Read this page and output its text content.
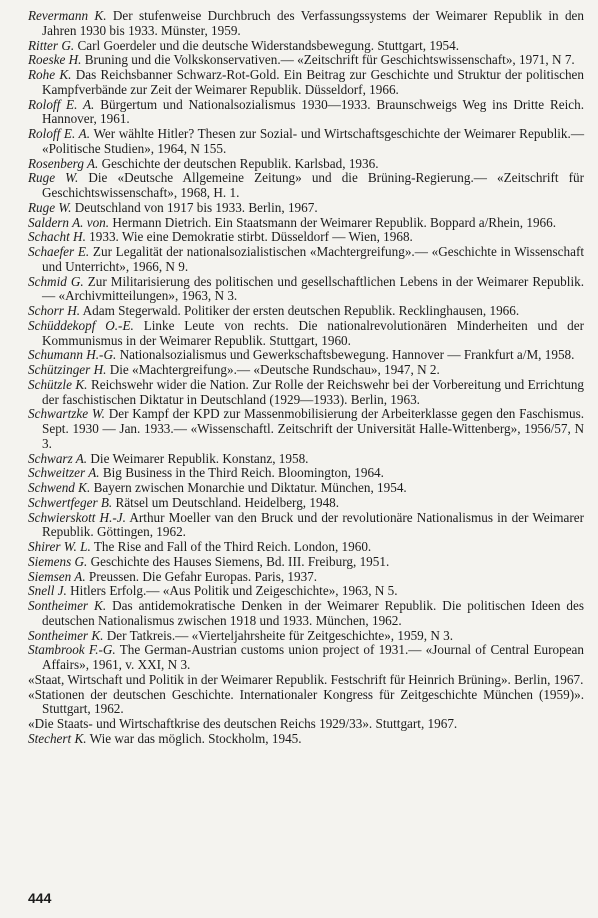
Revermann K. Der stufenweise Durchbruch des Verfassungssystems der Weimarer Republik in den Jahren 1930 bis 1933. Münster, 1959.

Ritter G. Carl Goerdeler und die deutsche Widerstandsbewegung. Stuttgart, 1954.

Roeske H. Bruning und die Volkskonservativen.— «Zeitschrift für Geschichtswissenschaft», 1971, N 7.

Rohe K. Das Reichsbanner Schwarz-Rot-Gold. Ein Beitrag zur Geschichte und Struktur der politischen Kampfverbände zur Zeit der Weimarer Republik. Düsseldorf, 1966.

Roloff E. A. Bürgertum und Nationalsozialismus 1930—1933. Braunschweigs Weg ins Dritte Reich. Hannover, 1961.

Roloff E. A. Wer wählte Hitler? Thesen zur Sozial- und Wirtschaftsgeschichte der Weimarer Republik.— «Politische Studien», 1964, N 155.

Rosenberg A. Geschichte der deutschen Republik. Karlsbad, 1936.

Ruge W. Die «Deutsche Allgemeine Zeitung» und die Brüning-Regierung.— «Zeitschrift für Geschichtswissenschaft», 1968, H. 1.

Ruge W. Deutschland von 1917 bis 1933. Berlin, 1967.

Saldern A. von. Hermann Dietrich. Ein Staatsmann der Weimarer Republik. Boppard a/Rhein, 1966.

Schacht H. 1933. Wie eine Demokratie stirbt. Düsseldorf — Wien, 1968.

Schaefer E. Zur Legalität der nationalsozialistischen «Machtergreifung».— «Geschichte in Wissenschaft und Unterricht», 1966, N 9.

Schmid G. Zur Militarisierung des politischen und gesellschaftlichen Lebens in der Weimarer Republik.— «Archivmitteilungen», 1963, N 3.

Schorr H. Adam Stegerwald. Politiker der ersten deutschen Republik. Recklinghausen, 1966.

Schüddekopf O.-E. Linke Leute von rechts. Die nationalrevolutionären Minderheiten und der Kommunismus in der Weimarer Republik. Stuttgart, 1960.

Schumann H.-G. Nationalsozialismus und Gewerkschaftsbewegung. Hannover — Frankfurt a/M, 1958.

Schützinger H. Die «Machtergreifung».— «Deutsche Rundschau», 1947, N 2.

Schützle K. Reichswehr wider die Nation. Zur Rolle der Reichswehr bei der Vorbereitung und Errichtung der faschistischen Diktatur in Deutschland (1929—1933). Berlin, 1963.

Schwartzke W. Der Kampf der KPD zur Massenmobilisierung der Arbeiterklasse gegen den Faschismus. Sept. 1930 — Jan. 1933.— «Wissenschaftl. Zeitschrift der Universität Halle-Wittenberg», 1956/57, N 3.

Schwarz A. Die Weimarer Republik. Konstanz, 1958.

Schweitzer A. Big Business in the Third Reich. Bloomington, 1964.

Schwend K. Bayern zwischen Monarchie und Diktatur. München, 1954.

Schwertfeger B. Rätsel um Deutschland. Heidelberg, 1948.

Schwierskott H.-J. Arthur Moeller van den Bruck und der revolutionäre Nationalismus in der Weimarer Republik. Göttingen, 1962.

Shirer W. L. The Rise and Fall of the Third Reich. London, 1960.

Siemens G. Geschichte des Hauses Siemens, Bd. III. Freiburg, 1951.

Siemsen A. Preussen. Die Gefahr Europas. Paris, 1937.

Snell J. Hitlers Erfolg.— «Aus Politik und Zeigeschichte», 1963, N 5.

Sontheimer K. Das antidemokratische Denken in der Weimarer Republik. Die politischen Ideen des deutschen Nationalismus zwischen 1918 und 1933. München, 1962.

Sontheimer K. Der Tatkreis.— «Vierteljahrsheite für Zeitgeschichte», 1959, N 3.

Stambrook F.-G. The German-Austrian customs union project of 1931.— «Journal of Central European Affairs», 1961, v. XXI, N 3.

«Staat, Wirtschaft und Politik in der Weimarer Republik. Festschrift für Heinrich Brüning». Berlin, 1967.

«Stationen der deutschen Geschichte. Internationaler Kongress für Zeitgeschichte München (1959)». Stuttgart, 1962.

«Die Staats- und Wirtschaftkrise des deutschen Reichs 1929/33». Stuttgart, 1967.

Stechert K. Wie war das möglich. Stockholm, 1945.

444
